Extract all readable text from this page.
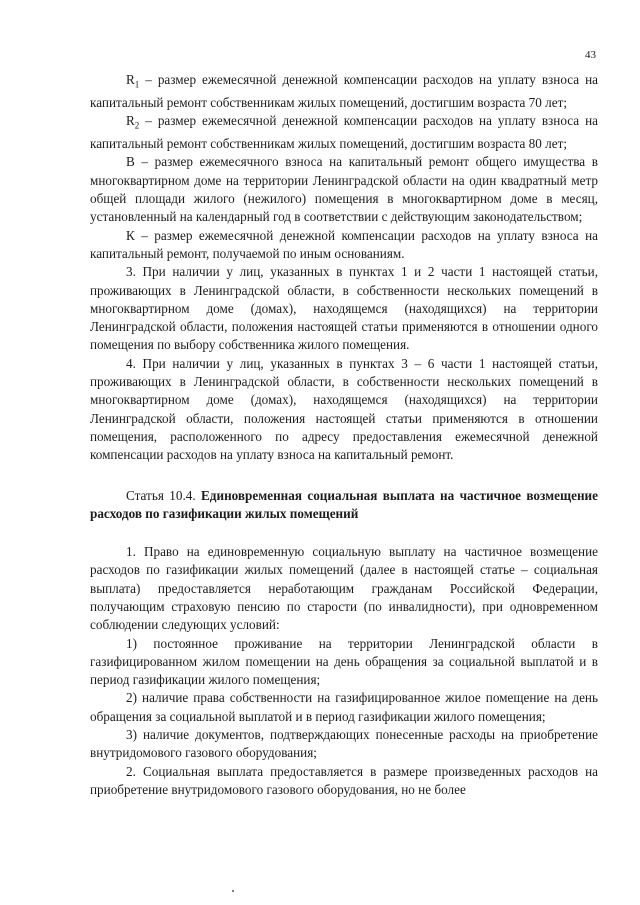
43

$R_1$ – размер ежемесячной денежной компенсации расходов на уплату взноса на капитальный ремонт собственникам жилых помещений, достигшим возраста 70 лет;

$R_2$ – размер ежемесячной денежной компенсации расходов на уплату взноса на капитальный ремонт собственникам жилых помещений, достигшим возраста 80 лет;

В – размер ежемесячного взноса на капитальный ремонт общего имущества в многоквартирном доме на территории Ленинградской области на один квадратный метр общей площади жилого (нежилого) помещения в многоквартирном доме в месяц, установленный на календарный год в соответствии с действующим законодательством;

К – размер ежемесячной денежной компенсации расходов на уплату взноса на капитальный ремонт, получаемой по иным основаниям.

3. При наличии у лиц, указанных в пунктах 1 и 2 части 1 настоящей статьи, проживающих в Ленинградской области, в собственности нескольких помещений в многоквартирном доме (домах), находящемся (находящихся) на территории Ленинградской области, положения настоящей статьи применяются в отношении одного помещения по выбору собственника жилого помещения.

4. При наличии у лиц, указанных в пунктах 3 – 6 части 1 настоящей статьи, проживающих в Ленинградской области, в собственности нескольких помещений в многоквартирном доме (домах), находящемся (находящихся) на территории Ленинградской области, положения настоящей статьи применяются в отношении помещения, расположенного по адресу предоставления ежемесячной денежной компенсации расходов на уплату взноса на капитальный ремонт.

Статья 10.4. Единовременная социальная выплата на частичное возмещение расходов по газификации жилых помещений

1. Право на единовременную социальную выплату на частичное возмещение расходов по газификации жилых помещений (далее в настоящей статье – социальная выплата) предоставляется неработающим гражданам Российской Федерации, получающим страховую пенсию по старости (по инвалидности), при одновременном соблюдении следующих условий:

1) постоянное проживание на территории Ленинградской области в газифицированном жилом помещении на день обращения за социальной выплатой и в период газификации жилого помещения;

2) наличие права собственности на газифицированное жилое помещение на день обращения за социальной выплатой и в период газификации жилого помещения;

3) наличие документов, подтверждающих понесенные расходы на приобретение внутридомового газового оборудования;

2. Социальная выплата предоставляется в размере произведенных расходов на приобретение внутридомового газового оборудования, но не более
